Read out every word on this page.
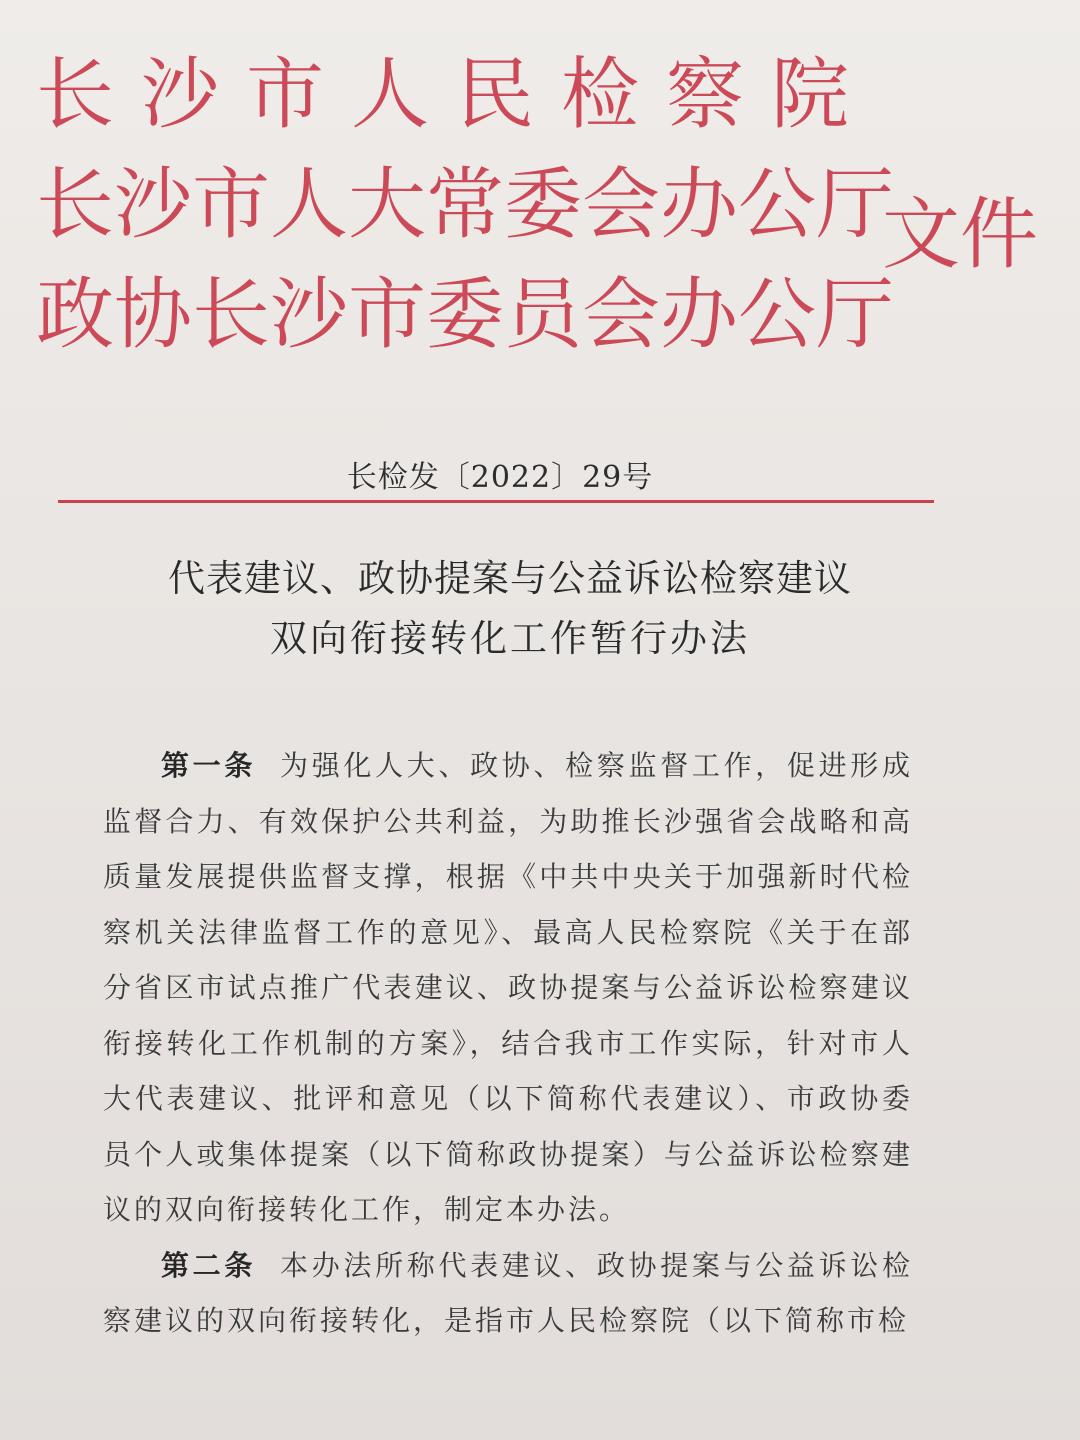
长沙市人民检察院
长沙市人大常委会办公厅
政协长沙市委员会办公厅
文件
长检发〔2022〕29号
代表建议、政协提案与公益诉讼检察建议
双向衔接转化工作暂行办法

第一条 为强化人大、政协、检察监督工作，促进形成监督合力、有效保护公共利益，为助推长沙强省会战略和高质量发展提供监督支撑，根据《中共中央关于加强新时代检察机关法律监督工作的意见》、最高人民检察院《关于在部分省区市试点推广代表建议、政协提案与公益诉讼检察建议衔接转化工作机制的方案》，结合我市工作实际，针对市人大代表建议、批评和意见（以下简称代表建议）、市政协委员个人或集体提案（以下简称政协提案）与公益诉讼检察建议的双向衔接转化工作，制定本办法。

第二条 本办法所称代表建议、政协提案与公益诉讼检察建议的双向衔接转化，是指市人民检察院（以下简称市检
